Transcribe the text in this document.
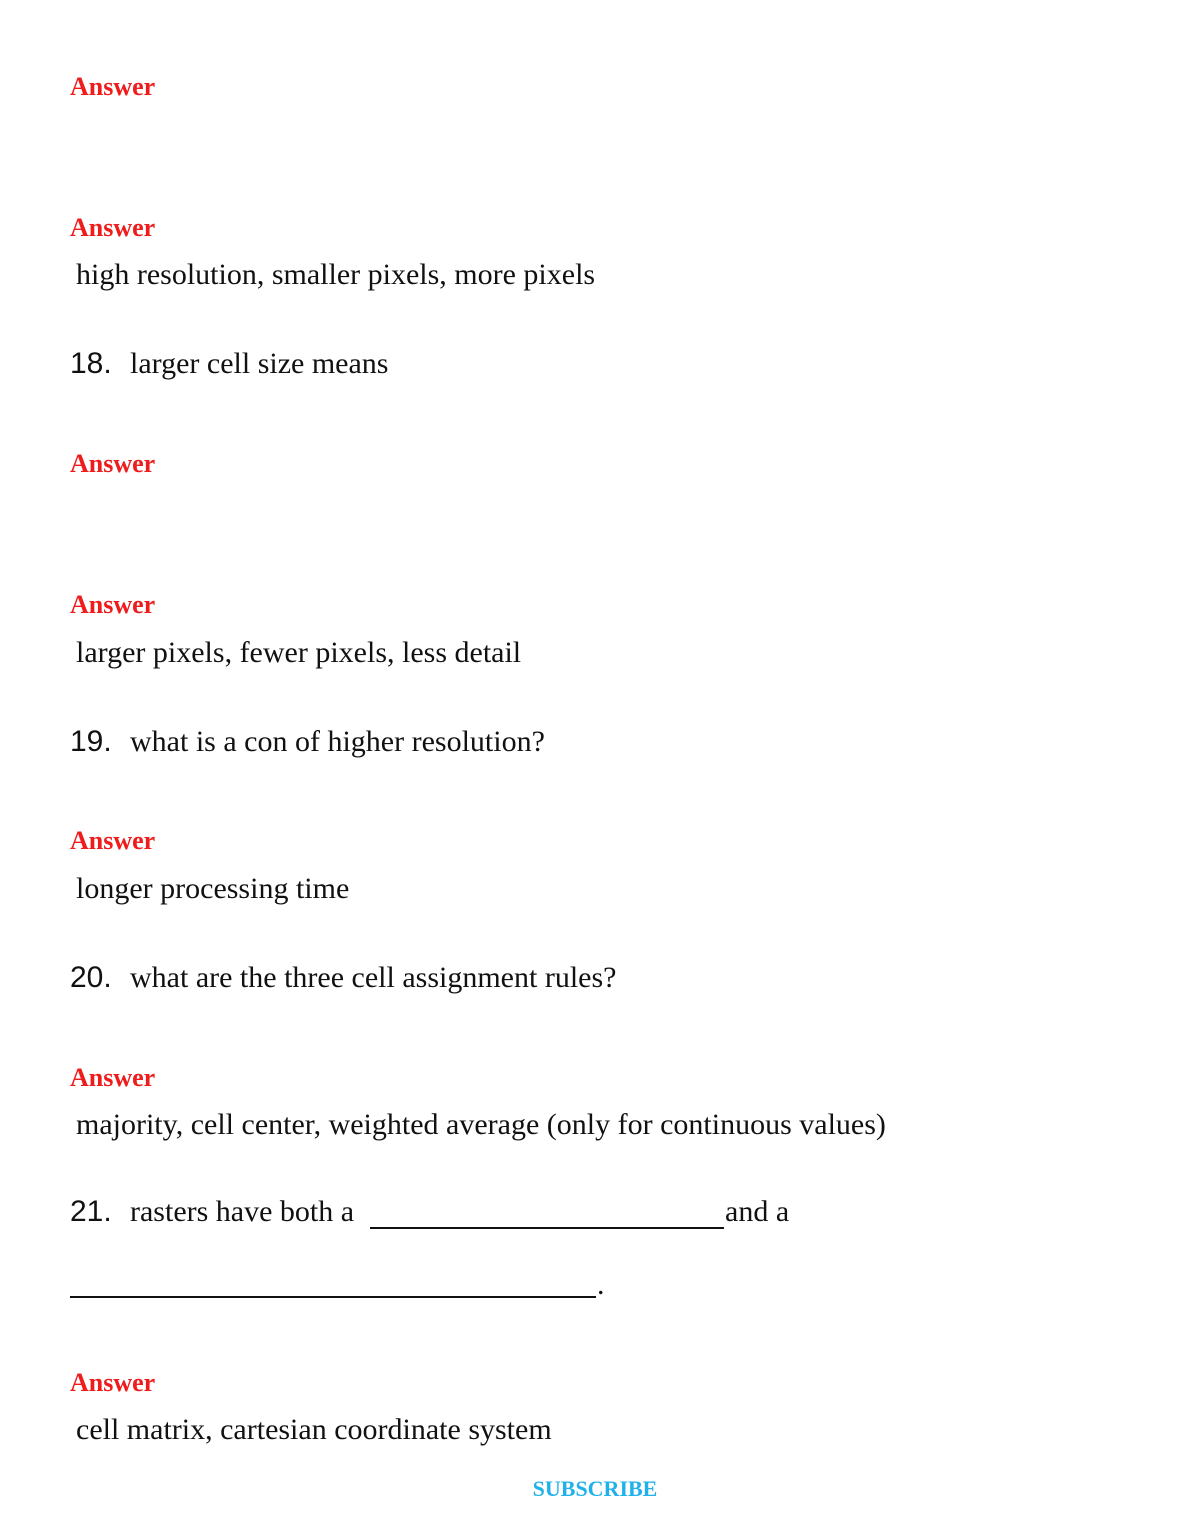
Answer
Answer
high resolution, smaller pixels, more pixels
18. larger cell size means
Answer
Answer
larger pixels, fewer pixels, less detail
19. what is a con of higher resolution?
Answer
longer processing time
20. what are the three cell assignment rules?
Answer
majority, cell center, weighted average (only for continuous values)
21. rasters have both a	and a
.
Answer
cell matrix, cartesian coordinate system
SUBSCRIBE
